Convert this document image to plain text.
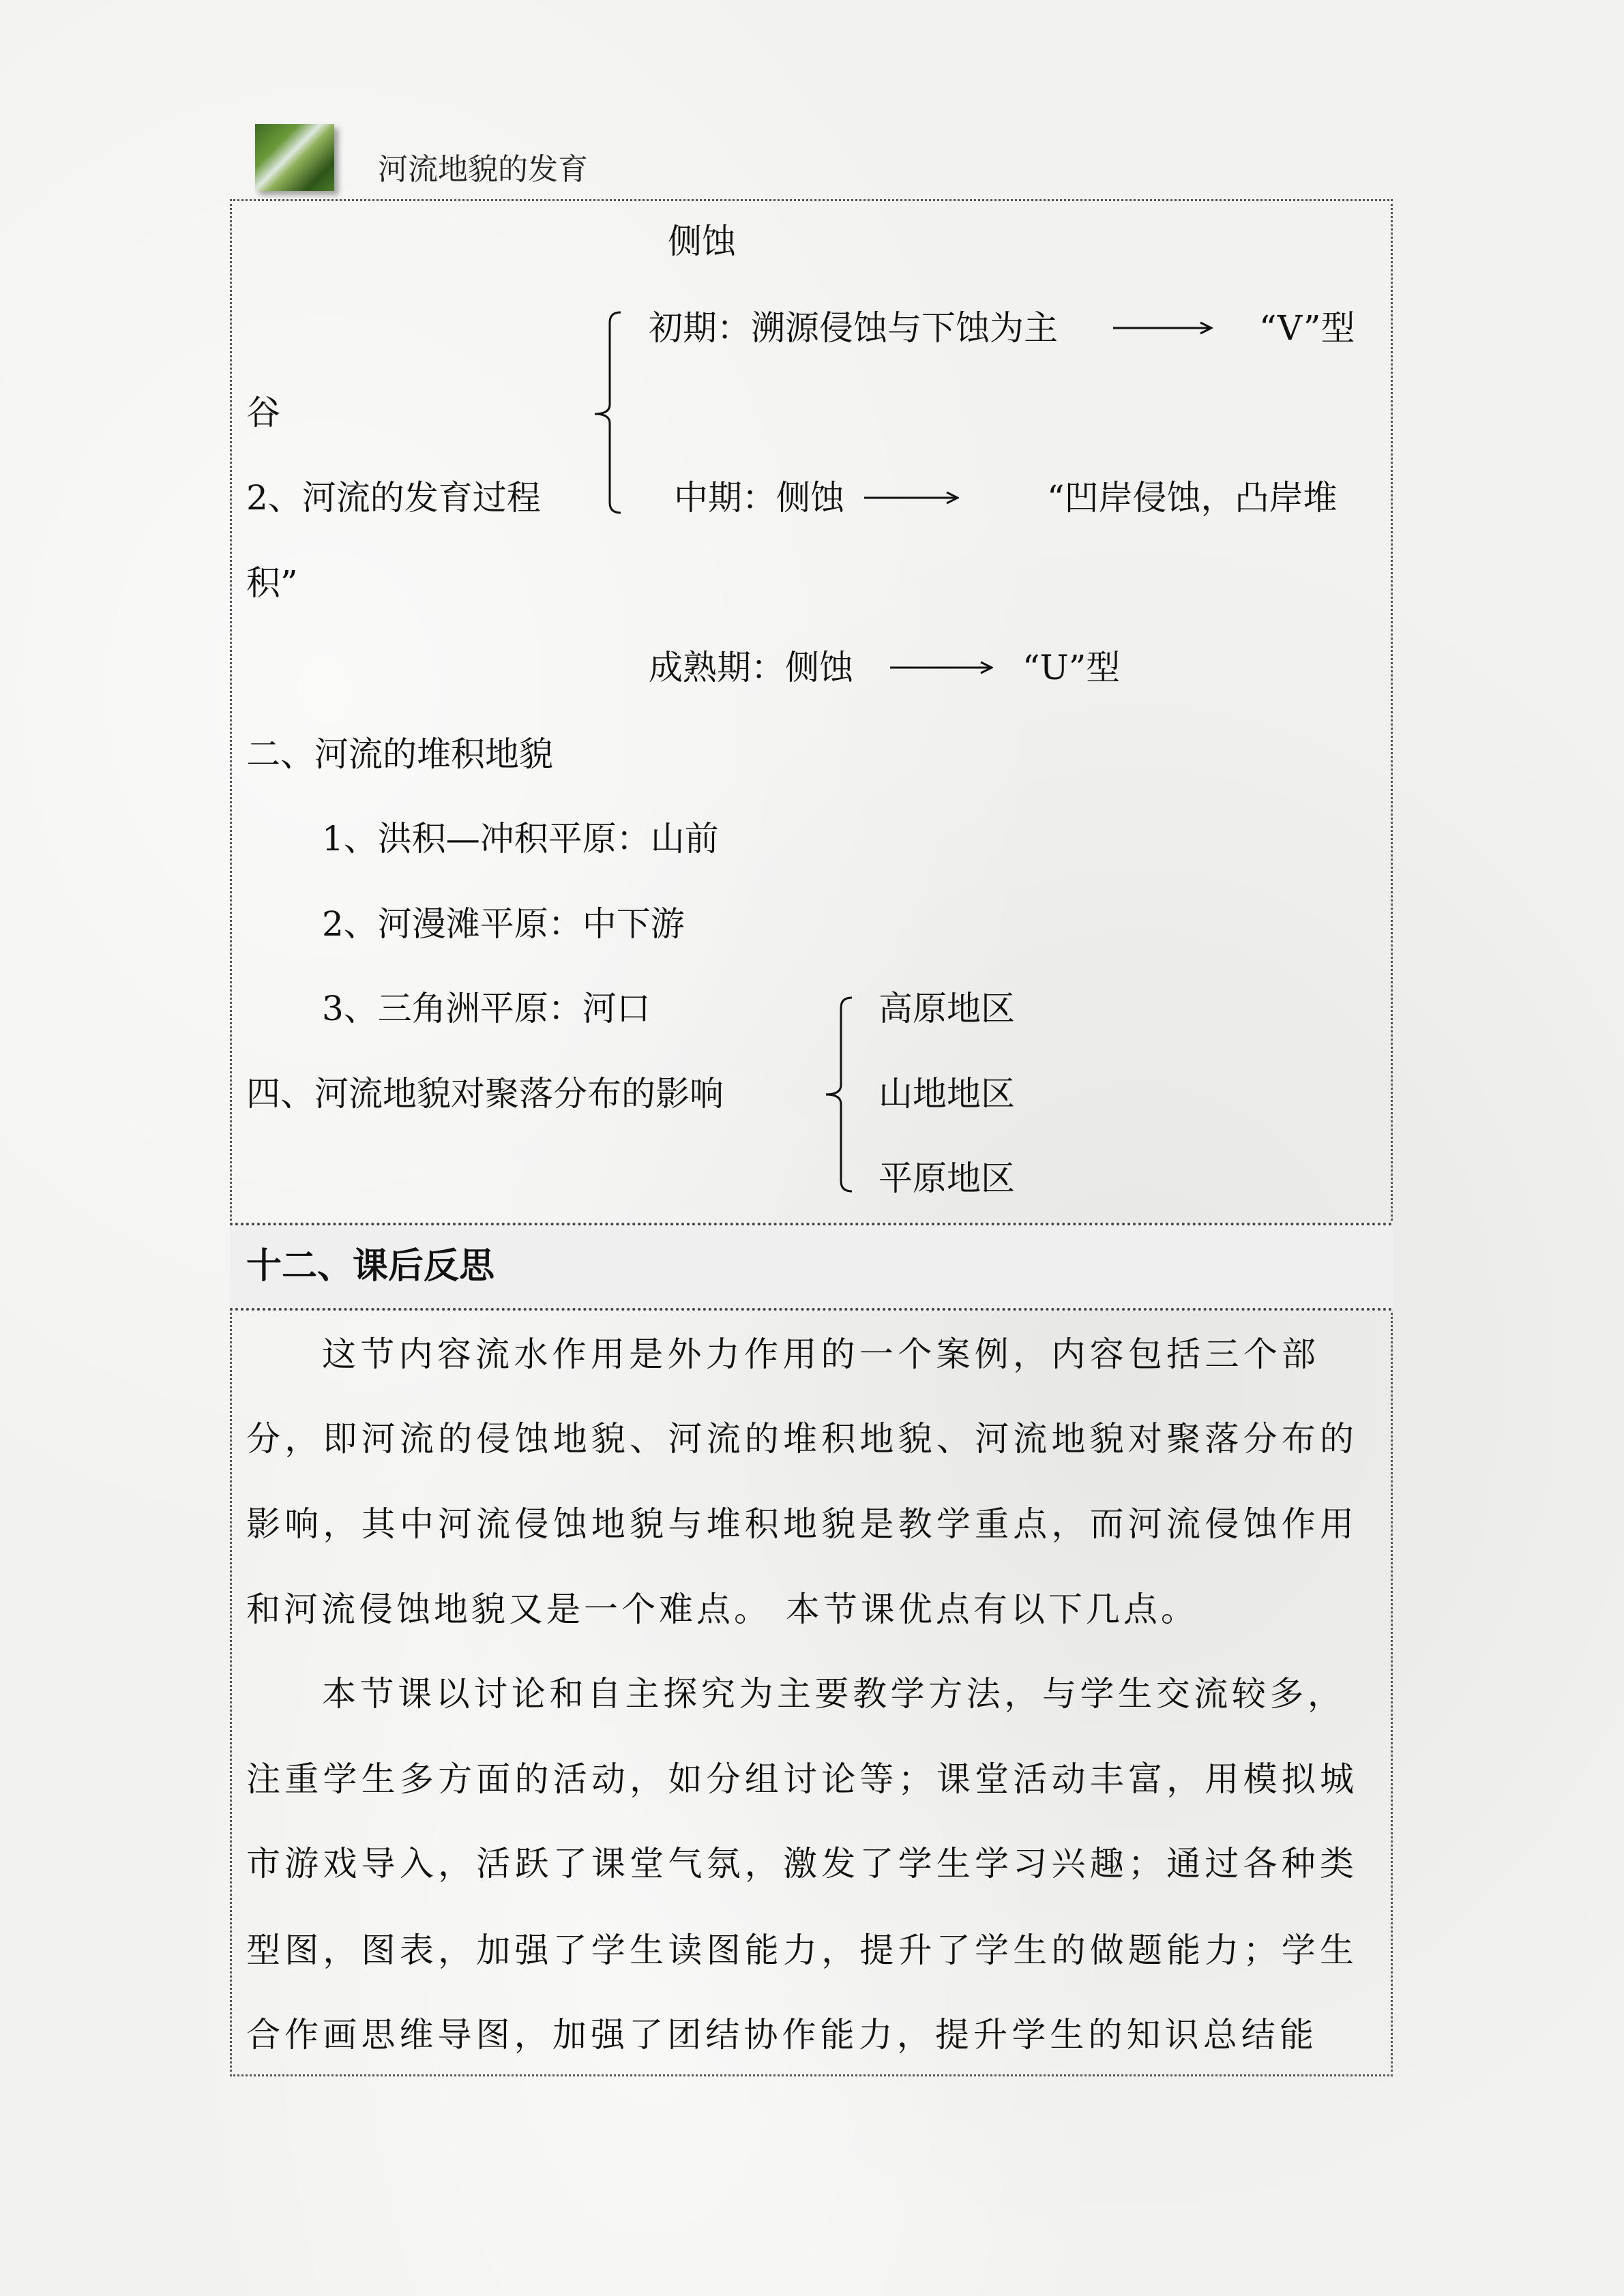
河流地貌的发育
侧蚀
初期：溯源侵蚀与下蚀为主	“V”型
谷
2、河流的发育过程	中期：侧蚀	“凹岸侵蚀，凸岸堆
积”
成熟期：侧蚀	“U”型
二、河流的堆积地貌
1、洪积—冲积平原：山前
2、河漫滩平原：中下游
3、三角洲平原：河口
四、河流地貌对聚落分布的影响
高原地区
山地地区
平原地区
十二、课后反思
这节内容流水作用是外力作用的一个案例，内容包括三个部
分，即河流的侵蚀地貌、河流的堆积地貌、河流地貌对聚落分布的
影响，其中河流侵蚀地貌与堆积地貌是教学重点，而河流侵蚀作用
和河流侵蚀地貌又是一个难点。 本节课优点有以下几点。
本节课以讨论和自主探究为主要教学方法，与学生交流较多，
注重学生多方面的活动，如分组讨论等；课堂活动丰富，用模拟城
市游戏导入，活跃了课堂气氛，激发了学生学习兴趣；通过各种类
型图，图表，加强了学生读图能力，提升了学生的做题能力；学生
合作画思维导图，加强了团结协作能力，提升学生的知识总结能
